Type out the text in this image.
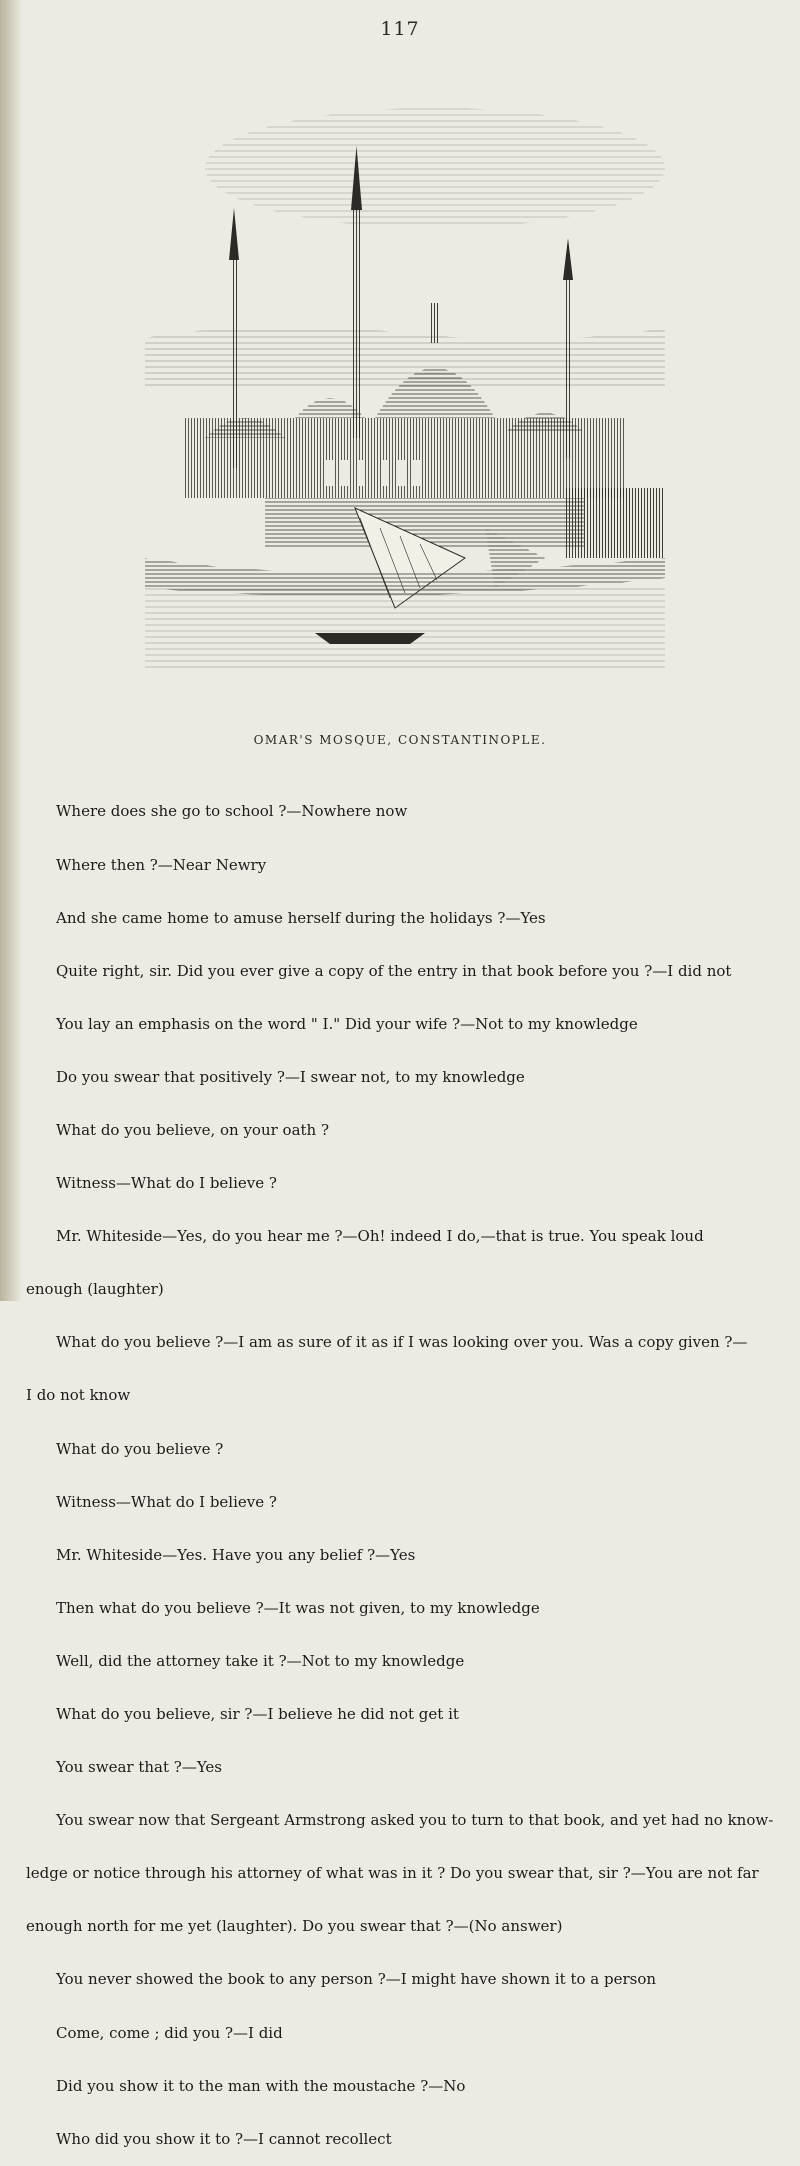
117
OMAR'S MOSQUE, CONSTANTINOPLE.

Where does she go to school ?—Nowhere now

Where then ?—Near Newry

And she came home to amuse herself during the holidays ?—Yes

Quite right, sir. Did you ever give a copy of the entry in that book before you ?—I did not

You lay an emphasis on the word " I." Did your wife ?—Not to my knowledge

Do you swear that positively ?—I swear not, to my knowledge

What do you believe, on your oath ?

Witness—What do I believe ?

Mr. Whiteside—Yes, do you hear me ?—Oh! indeed I do,—that is true. You speak loud

enough (laughter)

What do you believe ?—I am as sure of it as if I was looking over you. Was a copy given ?—

I do not know

What do you believe ?

Witness—What do I believe ?

Mr. Whiteside—Yes. Have you any belief ?—Yes

Then what do you believe ?—It was not given, to my knowledge

Well, did the attorney take it ?—Not to my knowledge

What do you believe, sir ?—I believe he did not get it

You swear that ?—Yes

You swear now that Sergeant Armstrong asked you to turn to that book, and yet had no know-

ledge or notice through his attorney of what was in it ? Do you swear that, sir ?—You are not far

enough north for me yet (laughter). Do you swear that ?—(No answer)

You never showed the book to any person ?—I might have shown it to a person

Come, come ; did you ?—I did

Did you show it to the man with the moustache ?—No

Who did you show it to ?—I cannot recollect
